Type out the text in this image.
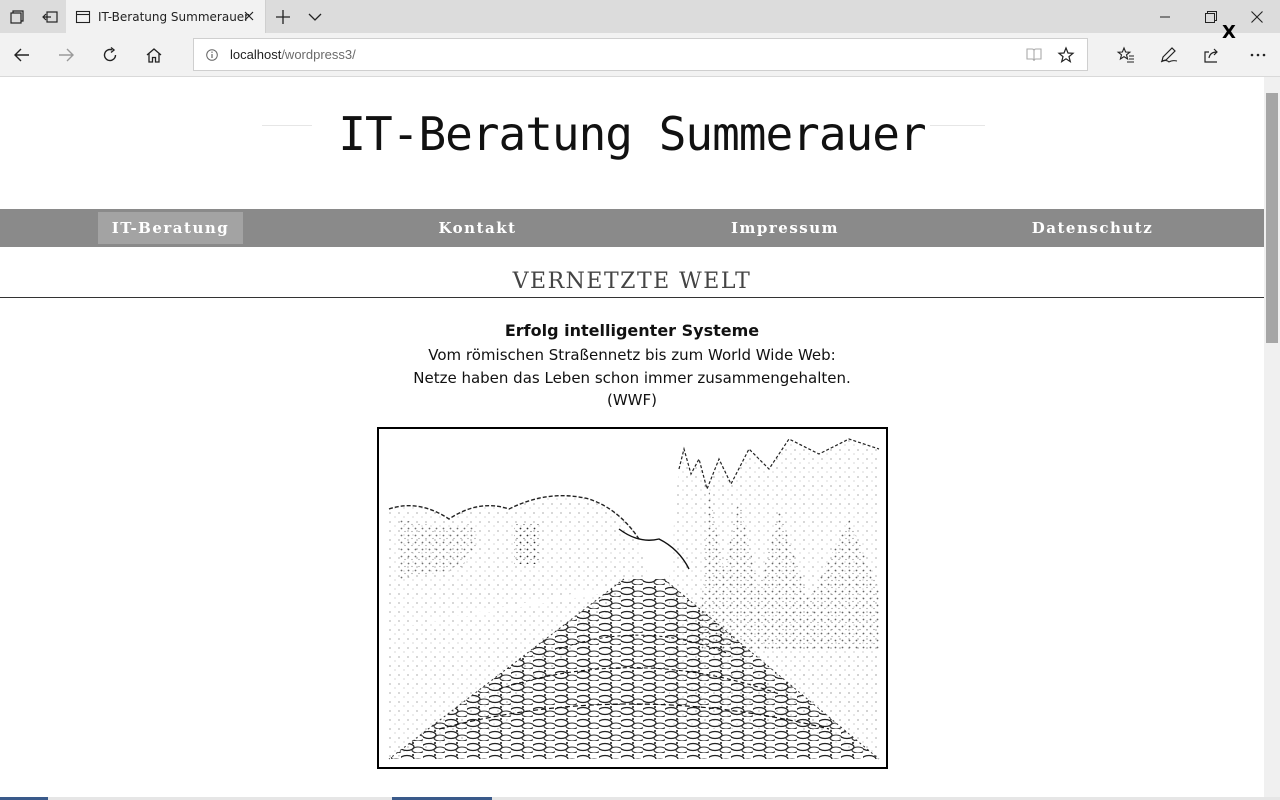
IT-Beratung Summerauer
localhost/wordpress3/
X
IT-Beratung Summerauer
IT-Beratung	Kontakt	Impressum	Datenschutz
VERNETZTE WELT
Erfolg intelligenter Systeme
Vom römischen Straßennetz bis zum World Wide Web:
Netze haben das Leben schon immer zusammengehalten.
(WWF)
